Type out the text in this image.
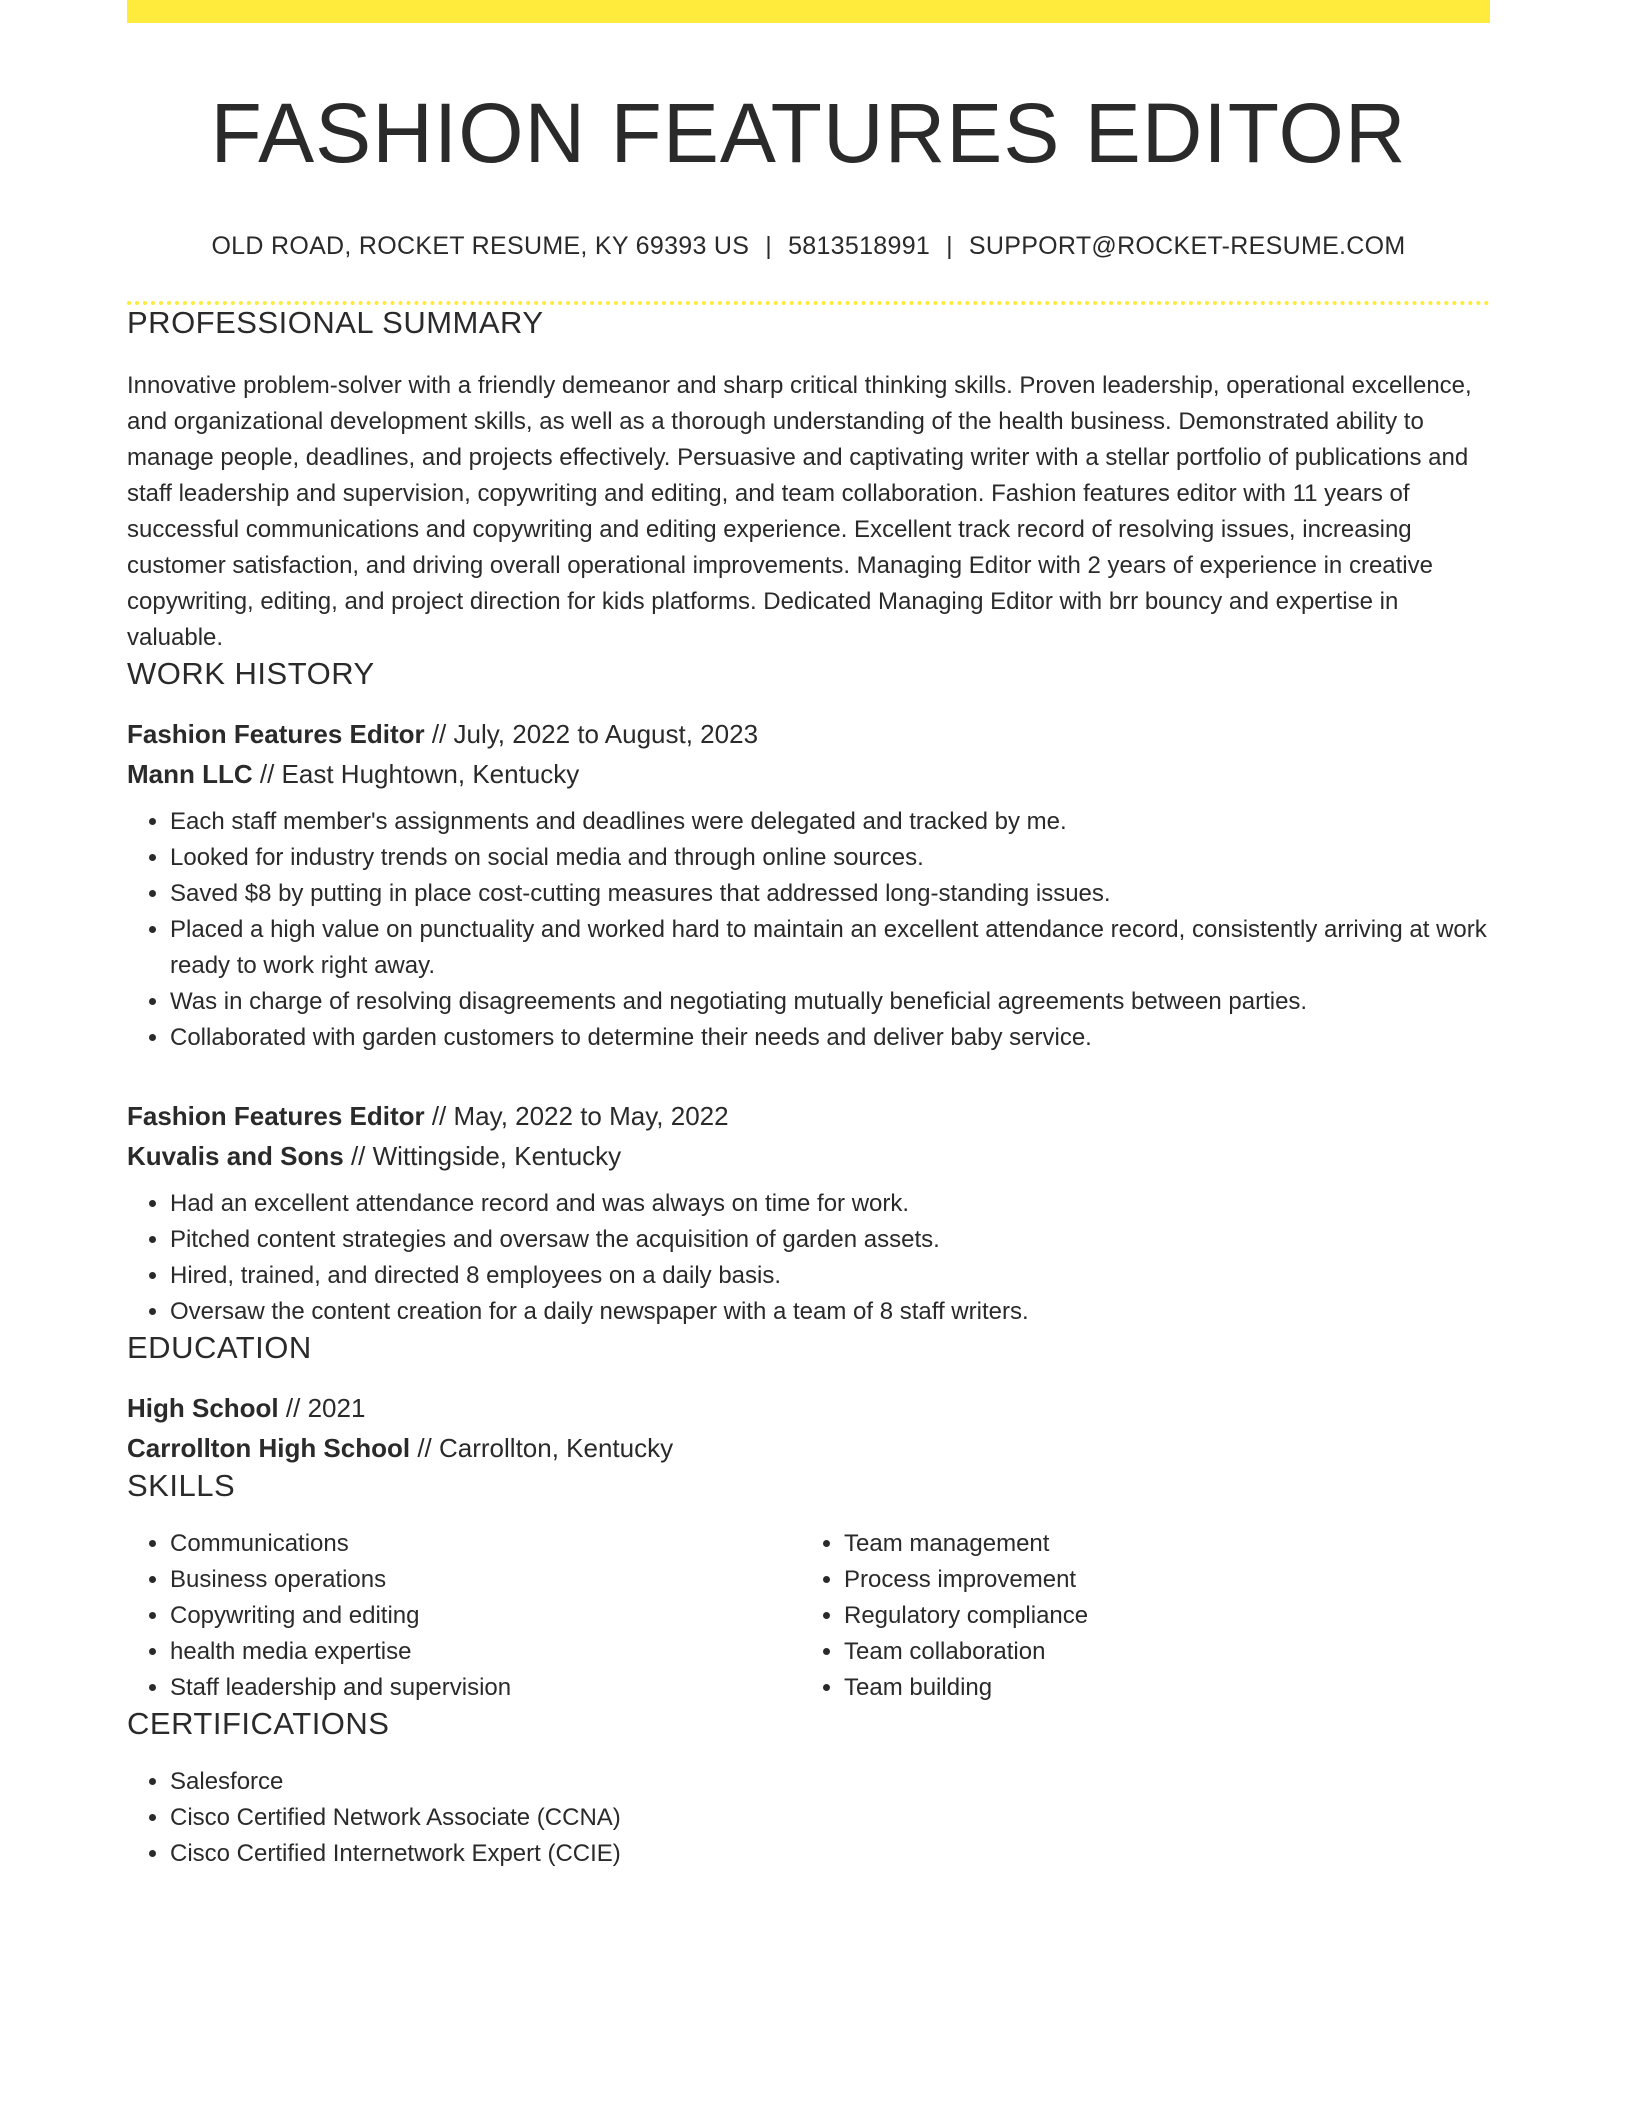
FASHION FEATURES EDITOR
OLD ROAD, ROCKET RESUME, KY 69393 US | 5813518991 | SUPPORT@ROCKET-RESUME.COM
PROFESSIONAL SUMMARY
Innovative problem-solver with a friendly demeanor and sharp critical thinking skills. Proven leadership, operational excellence, and organizational development skills, as well as a thorough understanding of the health business. Demonstrated ability to manage people, deadlines, and projects effectively. Persuasive and captivating writer with a stellar portfolio of publications and staff leadership and supervision, copywriting and editing, and team collaboration. Fashion features editor with 11 years of successful communications and copywriting and editing experience. Excellent track record of resolving issues, increasing customer satisfaction, and driving overall operational improvements. Managing Editor with 2 years of experience in creative copywriting, editing, and project direction for kids platforms. Dedicated Managing Editor with brr bouncy and expertise in valuable.
WORK HISTORY
Fashion Features Editor // July, 2022 to August, 2023
Mann LLC // East Hughtown, Kentucky
• Each staff member's assignments and deadlines were delegated and tracked by me.
• Looked for industry trends on social media and through online sources.
• Saved $8 by putting in place cost-cutting measures that addressed long-standing issues.
• Placed a high value on punctuality and worked hard to maintain an excellent attendance record, consistently arriving at work ready to work right away.
• Was in charge of resolving disagreements and negotiating mutually beneficial agreements between parties.
• Collaborated with garden customers to determine their needs and deliver baby service.
Fashion Features Editor // May, 2022 to May, 2022
Kuvalis and Sons // Wittingside, Kentucky
• Had an excellent attendance record and was always on time for work.
• Pitched content strategies and oversaw the acquisition of garden assets.
• Hired, trained, and directed 8 employees on a daily basis.
• Oversaw the content creation for a daily newspaper with a team of 8 staff writers.
EDUCATION
High School // 2021
Carrollton High School // Carrollton, Kentucky
SKILLS
• Communications
• Business operations
• Copywriting and editing
• health media expertise
• Staff leadership and supervision
• Team management
• Process improvement
• Regulatory compliance
• Team collaboration
• Team building
CERTIFICATIONS
• Salesforce
• Cisco Certified Network Associate (CCNA)
• Cisco Certified Internetwork Expert (CCIE)
